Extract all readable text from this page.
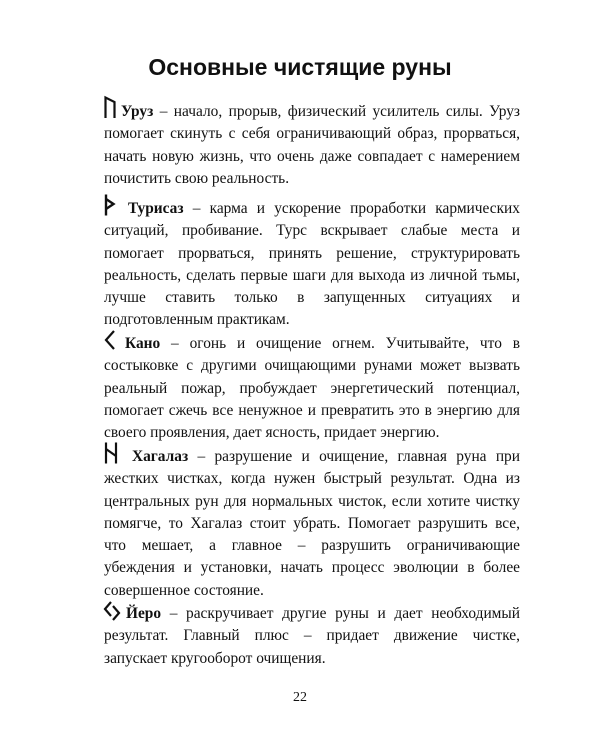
Основные чистящие руны

Уруз – начало, прорыв, физический усилитель силы. Уруз помогает скинуть с себя ограничивающий образ, прорваться, начать новую жизнь, что очень даже совпадает с намерением почистить свою реальность.

Турисаз – карма и ускорение проработки кармических ситуаций, пробивание. Турс вскрывает слабые места и помогает прорваться, принять решение, структурировать реальность, сделать первые шаги для выхода из личной тьмы, лучше ставить только в запущенных ситуациях и подготовленным практикам.

Кано – огонь и очищение огнем. Учитывайте, что в состыковке с другими очищающими рунами может вызвать реальный пожар, пробуждает энергетический потенциал, помогает сжечь все ненужное и превратить это в энергию для своего проявления, дает ясность, придает энергию.

Хагалаз – разрушение и очищение, главная руна при жестких чистках, когда нужен быстрый результат. Одна из центральных рун для нормальных чисток, если хотите чистку помягче, то Хагалаз стоит убрать. Помогает разрушить все, что мешает, а главное – разрушить ограничивающие убеждения и установки, начать процесс эволюции в более совершенное состояние.

Йеро – раскручивает другие руны и дает необходимый результат. Главный плюс – придает движение чистке, запускает кругооборот очищения.

22
